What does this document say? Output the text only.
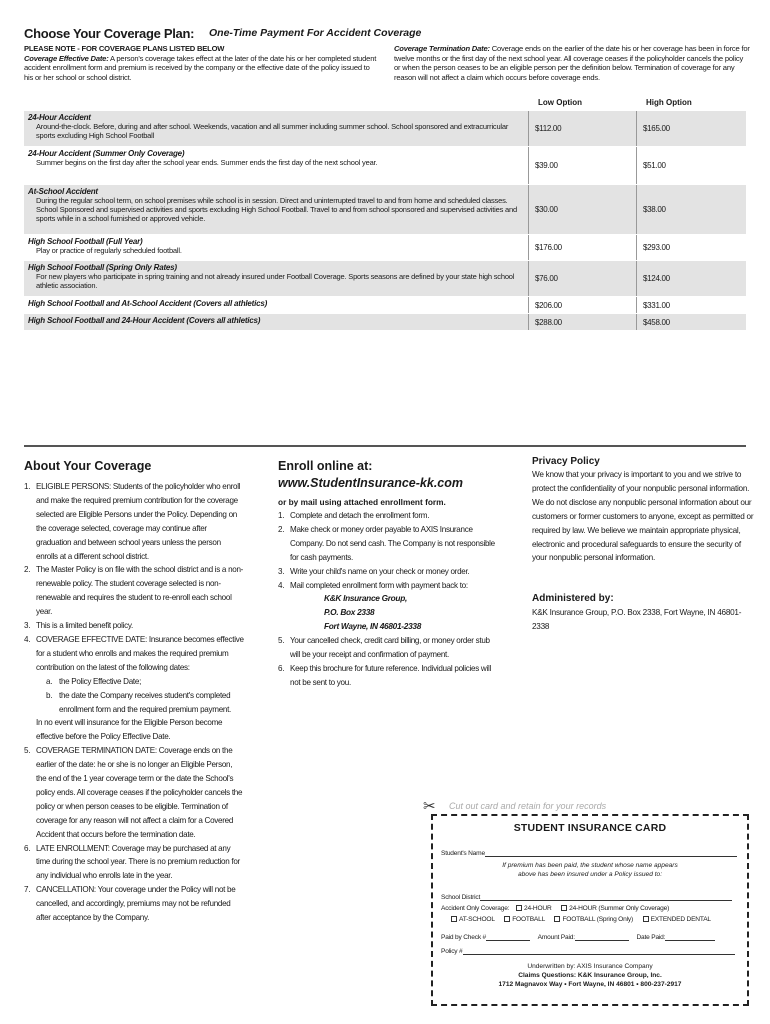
Choose Your Coverage Plan: One-Time Payment For Accident Coverage
PLEASE NOTE - FOR COVERAGE PLANS LISTED BELOW
Coverage Effective Date: A person's coverage takes effect at the later of the date his or her completed student accident enrollment form and premium is received by the company or the effective date of the policy issued to his or her school or school district.
Coverage Termination Date: Coverage ends on the earlier of the date his or her coverage has been in force for twelve months or the first day of the next school year. All coverage ceases if the policyholder cancels the policy or when the person ceases to be an eligible person per the definition below. Termination of coverage for any reason will not affect a claim which occurs before coverage ends.
Low Option	High Option
24-Hour Accident
Around-the-clock. Before, during and after school. Weekends, vacation and all summer including summer school. School sponsored and extracurricular sports excluding High School Football
$112.00	$165.00
24-Hour Accident (Summer Only Coverage)
Summer begins on the first day after the school year ends. Summer ends the first day of the next school year.	$39.00	$51.00
At-School Accident
During the regular school term, on school premises while school is in session. Direct and uninterrupted travel to and from home and scheduled classes. School Sponsored and supervised activities and sports excluding High School Football. Travel to and from school sponsored and supervised activities and sports while in a school furnished or approved vehicle.
$30.00	$38.00
High School Football (Full Year)
Play or practice of regularly scheduled football.	$176.00	$293.00
High School Football (Spring Only Rates)
For new players who participate in spring training and not already insured under Football Coverage. Sports seasons are defined by your state high school athletic association.
$76.00	$124.00
High School Football and At-School Accident (Covers all athletics)	$206.00	$331.00
High School Football and 24-Hour Accident (Covers all athletics)	$288.00	$458.00
About Your Coverage
1. ELIGIBLE PERSONS: Students of the policyholder who enroll and make the required premium contribution for the coverage selected are Eligible Persons under the Policy. Depending on the coverage selected, coverage may continue after graduation and between school years unless the person enrolls at a different school district.
2. The Master Policy is on file with the school district and is a non-renewable policy. The student coverage selected is non-renewable and requires the student to re-enroll each school year.
3. This is a limited benefit policy.
4. COVERAGE EFFECTIVE DATE: Insurance becomes effective for a student who enrolls and makes the required premium contribution on the latest of the following dates:
a. the Policy Effective Date;
b. the date the Company receives student's completed enrollment form and the required premium payment.
In no event will insurance for the Eligible Person become effective before the Policy Effective Date.
5. COVERAGE TERMINATION DATE: Coverage ends on the earlier of the date: he or she is no longer an Eligible Person, the end of the 1 year coverage term or the date the School's policy ends. All coverage ceases if the policyholder cancels the policy or when person ceases to be eligible. Termination of coverage for any reason will not affect a claim for a Covered Accident that occurs before the termination date.
6. LATE ENROLLMENT: Coverage may be purchased at any time during the school year. There is no premium reduction for any individual who enrolls late in the year.
7. CANCELLATION: Your coverage under the Policy will not be cancelled, and accordingly, premiums may not be refunded after acceptance by the Company.
Enroll online at:
www.StudentInsurance-kk.com
or by mail using attached enrollment form.
1. Complete and detach the enrollment form.
2. Make check or money order payable to AXIS Insurance Company. Do not send cash. The Company is not responsible for cash payments.
3. Write your child's name on your check or money order.
4. Mail completed enrollment form with payment back to:
K&K Insurance Group,
P.O. Box 2338
Fort Wayne, IN 46801-2338
5. Your cancelled check, credit card billing, or money order stub will be your receipt and confirmation of payment.
6. Keep this brochure for future reference. Individual policies will not be sent to you.
Privacy Policy
We know that your privacy is important to you and we strive to protect the confidentiality of your nonpublic personal information. We do not disclose any nonpublic personal information about our customers or former customers to anyone, except as permitted or required by law. We believe we maintain appropriate physical, electronic and procedural safeguards to ensure the security of your nonpublic personal information.
Administered by:
K&K Insurance Group, P.O. Box 2338, Fort Wayne, IN 46801-2338
✂ Cut out card and retain for your records
STUDENT INSURANCE CARD
Student's Name
If premium has been paid, the student whose name appears
above has been insured under a Policy issued to:
School District
Accident Only Coverage: 24-HOUR	24-HOUR (Summer Only Coverage)
AT-SCHOOL	FOOTBALL	FOOTBALL (Spring Only)	EXTENDED DENTAL
Paid by Check #	Amount Paid:	Date Paid:
Policy #
Underwritten by: AXIS Insurance Company
Claims Questions: K&K Insurance Group, Inc.
1712 Magnavox Way • Fort Wayne, IN 46801 • 800-237-2917
